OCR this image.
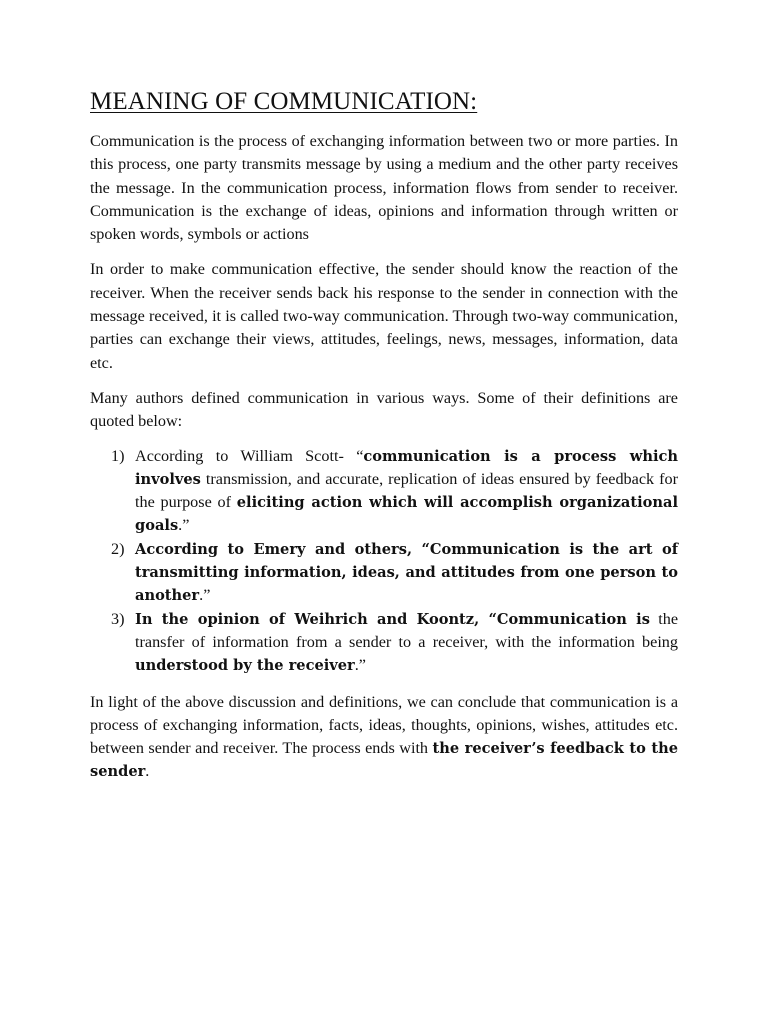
MEANING OF COMMUNICATION:

Communication is the process of exchanging information between two or more parties. In this process, one party transmits message by using a medium and the other party receives the message. In the communication process, information flows from sender to receiver. Communication is the exchange of ideas, opinions and information through written or spoken words, symbols or actions

In order to make communication effective, the sender should know the reaction of the receiver. When the receiver sends back his response to the sender in connection with the message received, it is called two-way communication. Through two-way communication, parties can exchange their views, attitudes, feelings, news, messages, information, data etc.

Many authors defined communication in various ways. Some of their definitions are quoted below:

1) According to William Scott- “communication is a process which involves transmission, and accurate, replication of ideas ensured by feedback for the purpose of eliciting action which will accomplish organizational goals.”
2) According to Emery and others, “Communication is the art of transmitting information, ideas, and attitudes from one person to another.”
3) In the opinion of Weihrich and Koontz, “Communication is the transfer of information from a sender to a receiver, with the information being understood by the receiver.”

In light of the above discussion and definitions, we can conclude that communication is a process of exchanging information, facts, ideas, thoughts, opinions, wishes, attitudes etc. between sender and receiver. The process ends with the receiver’s feedback to the sender.
